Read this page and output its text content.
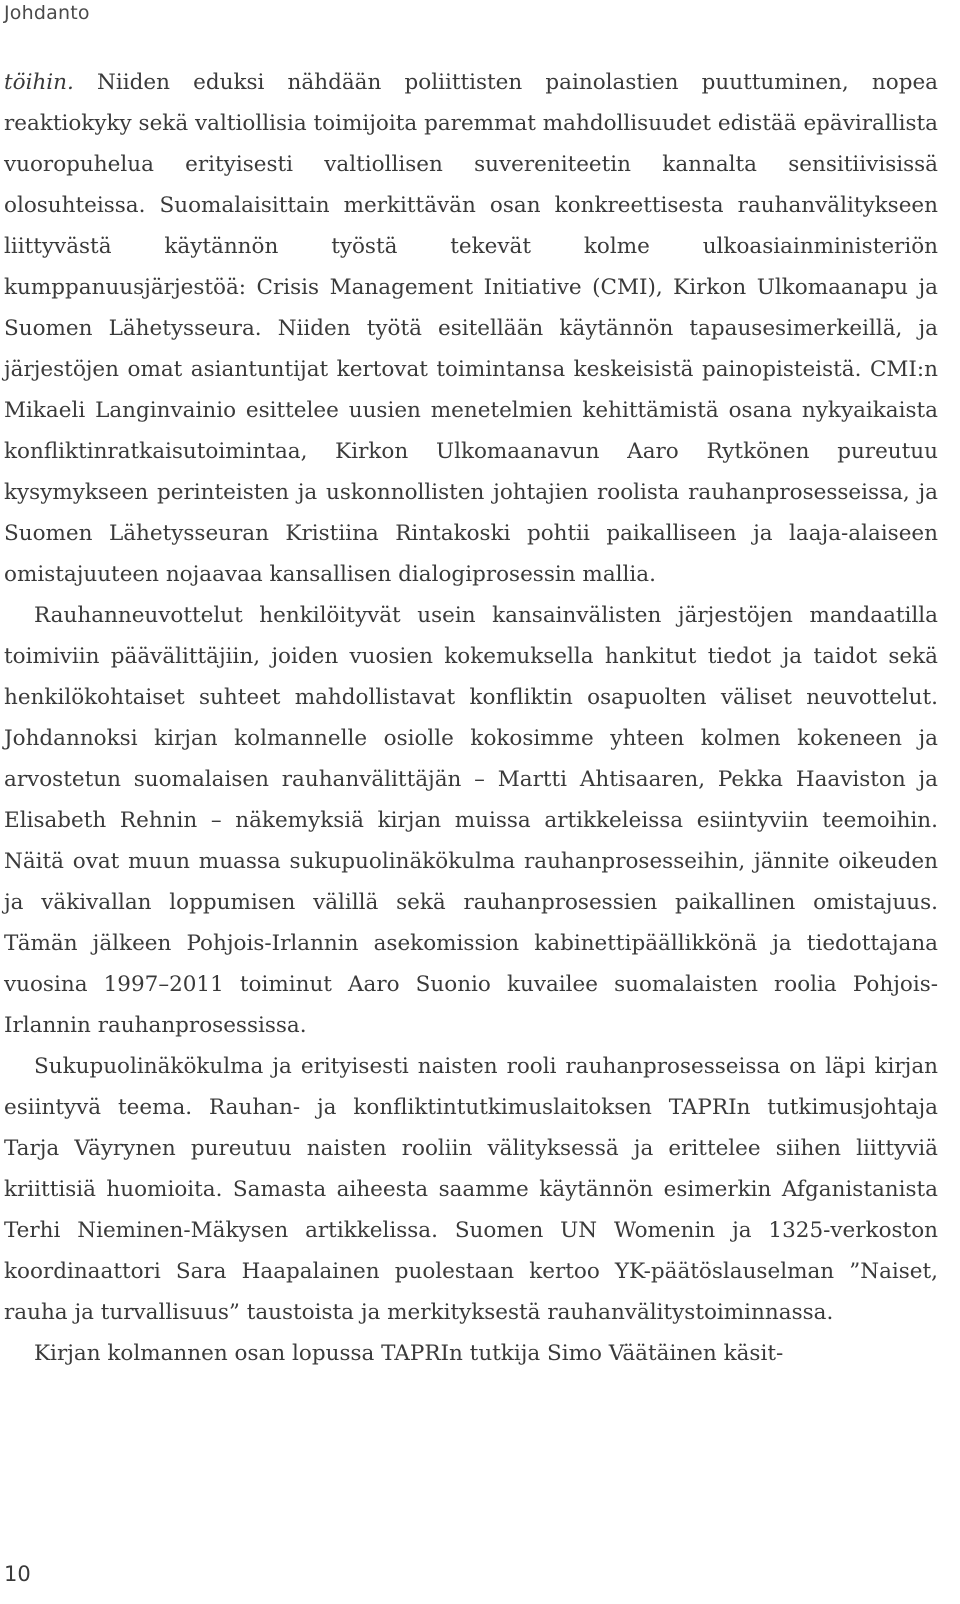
Johdanto

töihin. Niiden eduksi nähdään poliittisten painolastien puuttuminen, nopea reaktiokyky sekä valtiollisia toimijoita paremmat mahdollisuudet edistää epävirallista vuoropuhelua erityisesti valtiollisen suvereniteetin kannalta sensitiivisissä olosuhteissa. Suomalaisittain merkittävän osan konkreettisesta rauhanvälitykseen liittyvästä käytännön työstä tekevät kolme ulkoasiainministeriön kumppanuusjärjestöä: Crisis Management Initiative (CMI), Kirkon Ulkomaanapu ja Suomen Lähetysseura. Niiden työtä esitellään käytännön tapausesimerkeillä, ja järjestöjen omat asiantuntijat kertovat toimintansa keskeisistä painopisteistä. CMI:n Mikaeli Langinvainio esittelee uusien menetelmien kehittämistä osana nykyaikaista konfliktinratkaisutoimintaa, Kirkon Ulkomaanavun Aaro Rytkönen pureutuu kysymykseen perinteisten ja uskonnollisten johtajien roolista rauhanprosesseissa, ja Suomen Lähetysseuran Kristiina Rintakoski pohtii paikalliseen ja laaja-alaiseen omistajuuteen nojaavaa kansallisen dialogiprosessin mallia.

Rauhanneuvottelut henkilöityvät usein kansainvälisten järjestöjen mandaatilla toimiviin päävälittäjiin, joiden vuosien kokemuksella hankitut tiedot ja taidot sekä henkilökohtaiset suhteet mahdollistavat konfliktin osapuolten väliset neuvottelut. Johdannoksi kirjan kolmannelle osiolle kokosimme yhteen kolmen kokeneen ja arvostetun suomalaisen rauhanvälittäjän – Martti Ahtisaaren, Pekka Haaviston ja Elisabeth Rehnin – näkemyksiä kirjan muissa artikkeleissa esiintyviin teemoihin. Näitä ovat muun muassa sukupuolinäkökulma rauhanprosesseihin, jännite oikeuden ja väkivallan loppumisen välillä sekä rauhanprosessien paikallinen omistajuus. Tämän jälkeen Pohjois-Irlannin asekomission kabinettipäällikkönä ja tiedottajana vuosina 1997–2011 toiminut Aaro Suonio kuvailee suomalaisten roolia Pohjois-Irlannin rauhanprosessissa.

Sukupuolinäkökulma ja erityisesti naisten rooli rauhanprosesseissa on läpi kirjan esiintyvä teema. Rauhan- ja konfliktintutkimuslaitoksen TAPRIn tutkimusjohtaja Tarja Väyrynen pureutuu naisten rooliin välityksessä ja erittelee siihen liittyviä kriittisiä huomioita. Samasta aiheesta saamme käytännön esimerkin Afganistanista Terhi Nieminen-Mäkysen artikkelissa. Suomen UN Womenin ja 1325-verkoston koordinaattori Sara Haapalainen puolestaan kertoo YK-päätöslauselman ”Naiset, rauha ja turvallisuus” taustoista ja merkityksestä rauhanvälitystoiminnassa.

Kirjan kolmannen osan lopussa TAPRIn tutkija Simo Väätäinen käsit-

10
